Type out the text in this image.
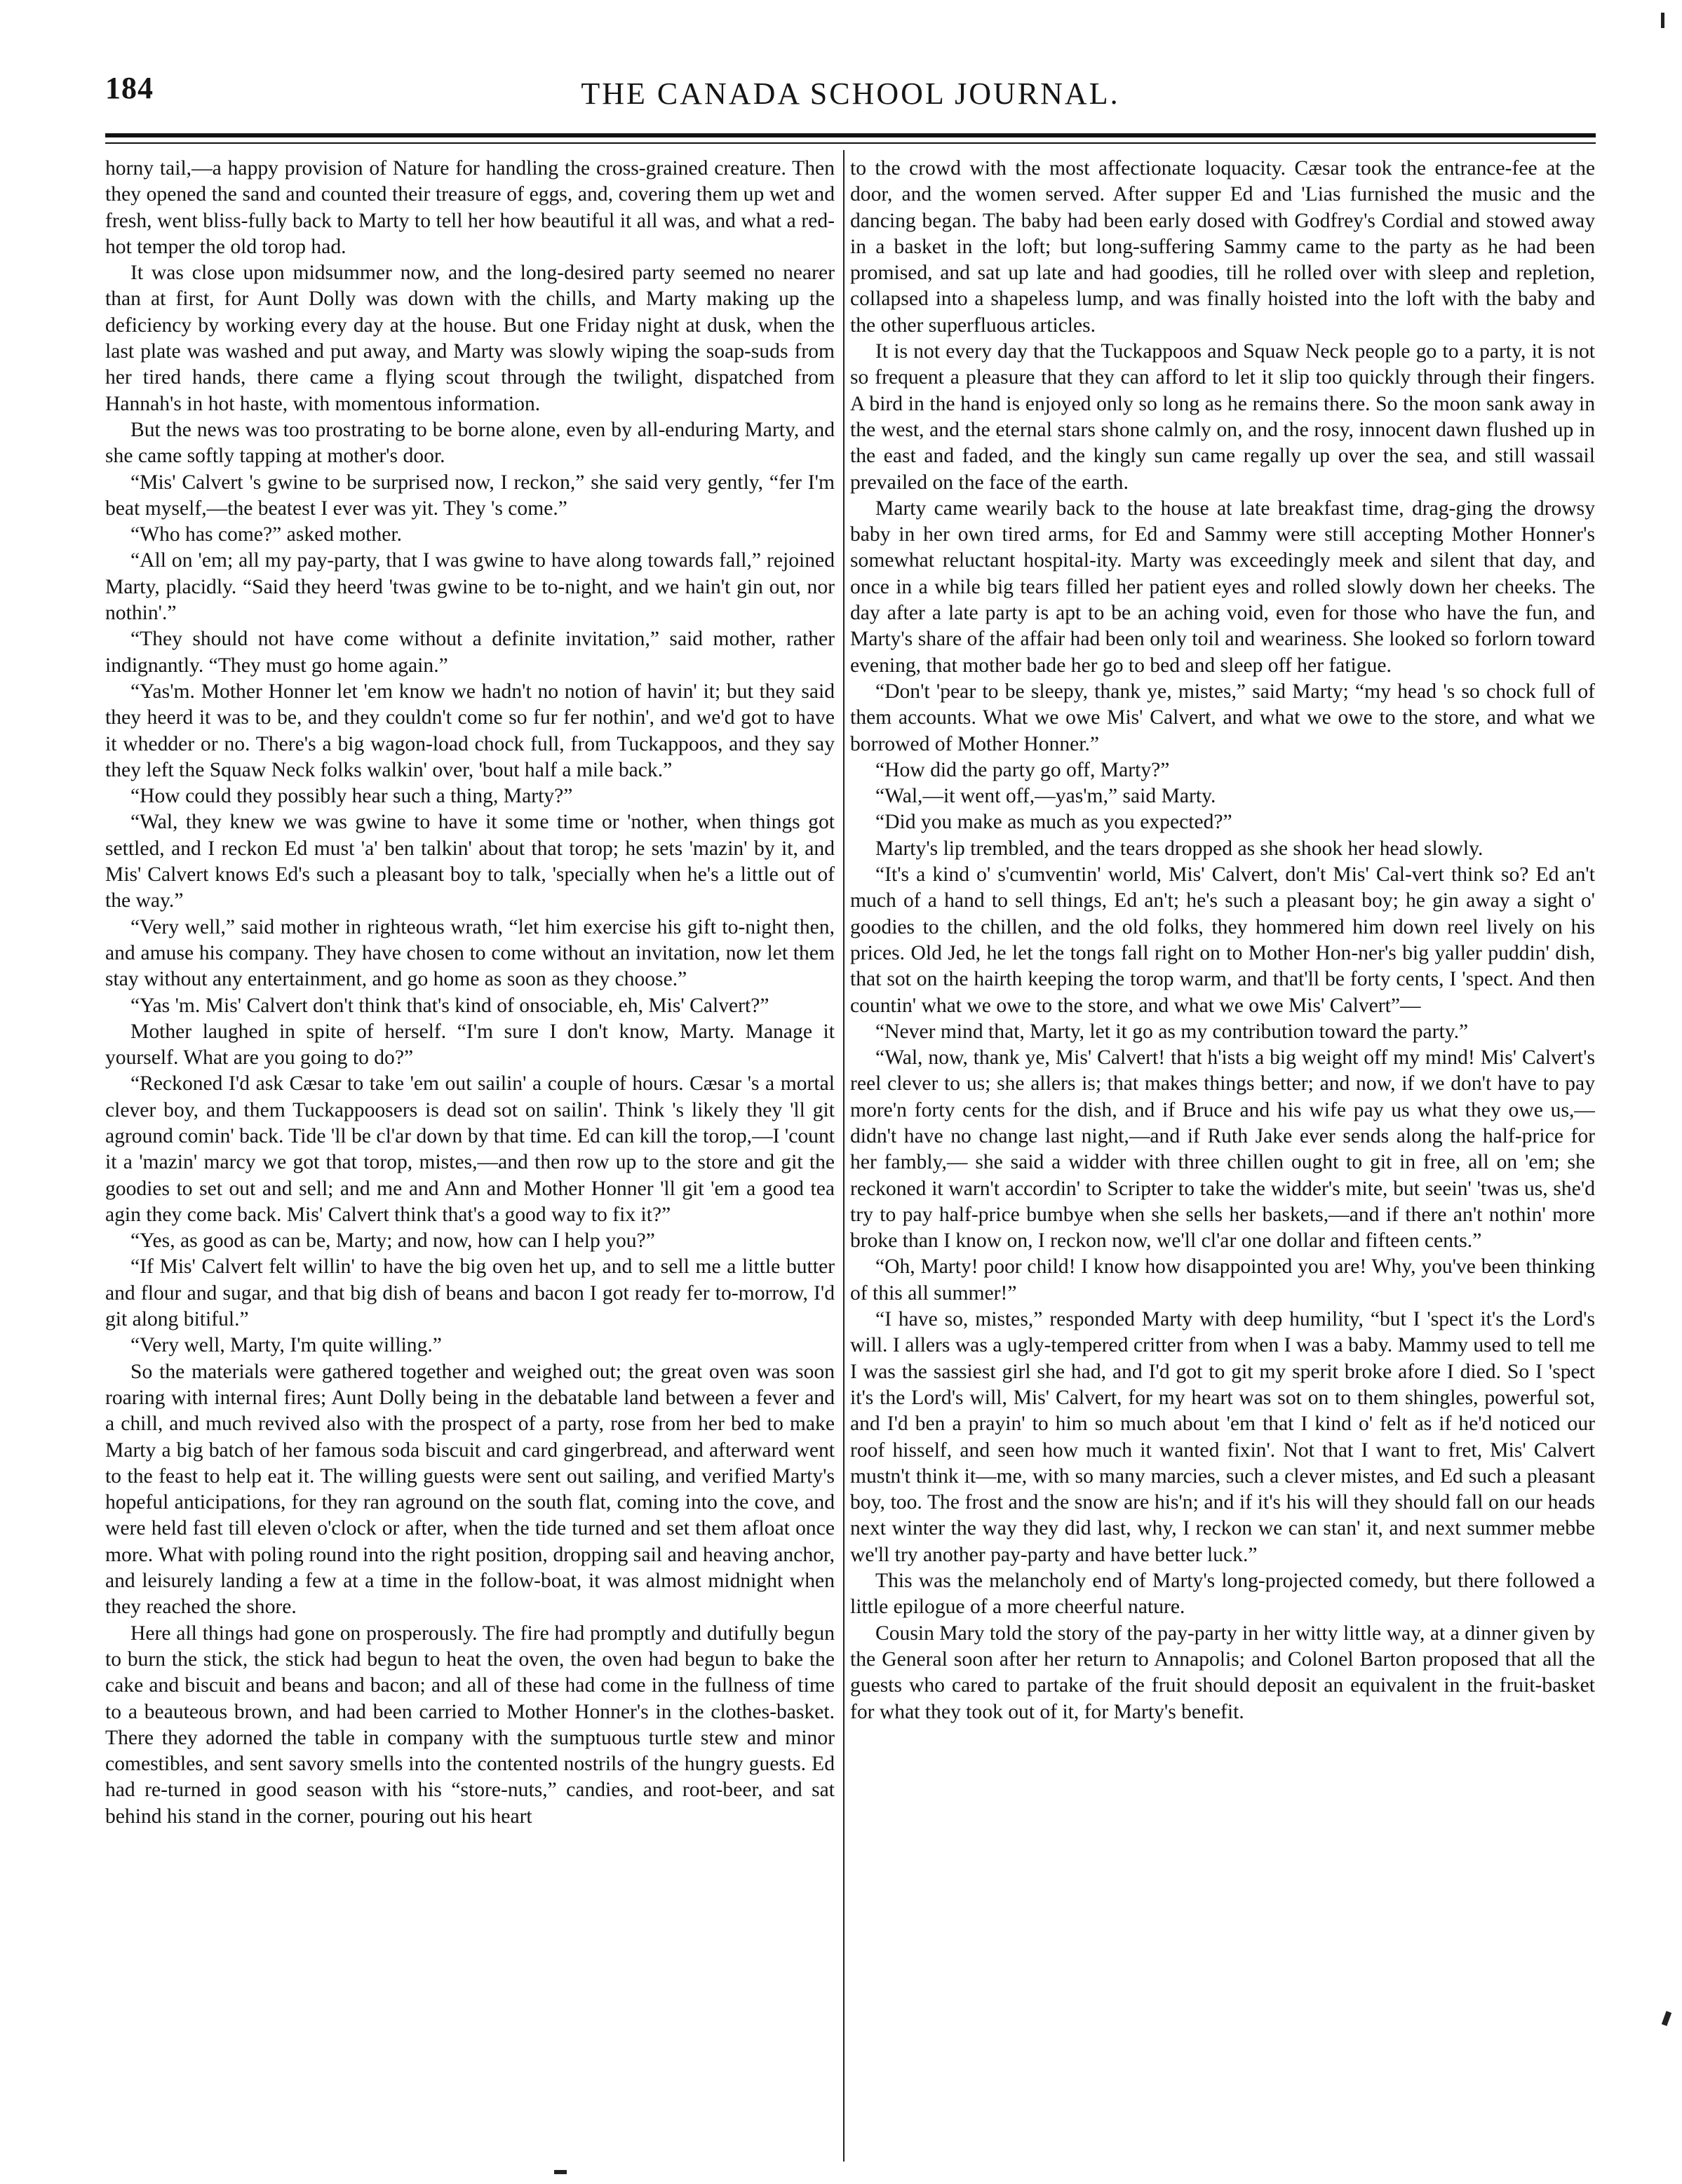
184	THE CANADA SCHOOL JOURNAL.

horny tail,—a happy provision of Nature for handling the cross-grained creature. Then they opened the sand and counted their treasure of eggs, and, covering them up wet and fresh, went bliss-fully back to Marty to tell her how beautiful it all was, and what a red-hot temper the old torop had.

It was close upon midsummer now, and the long-desired party seemed no nearer than at first, for Aunt Dolly was down with the chills, and Marty making up the deficiency by working every day at the house. But one Friday night at dusk, when the last plate was washed and put away, and Marty was slowly wiping the soap-suds from her tired hands, there came a flying scout through the twilight, dispatched from Hannah's in hot haste, with momentous information.

But the news was too prostrating to be borne alone, even by all-enduring Marty, and she came softly tapping at mother's door.

“Mis' Calvert 's gwine to be surprised now, I reckon,” she said very gently, “fer I'm beat myself,—the beatest I ever was yit. They 's come.”

“Who has come?” asked mother.

“All on 'em; all my pay-party, that I was gwine to have along towards fall,” rejoined Marty, placidly. “Said they heerd 'twas gwine to be to-night, and we hain't gin out, nor nothin'.”

“They should not have come without a definite invitation,” said mother, rather indignantly. “They must go home again.”

“Yas'm. Mother Honner let 'em know we hadn't no notion of havin' it; but they said they heerd it was to be, and they couldn't come so fur fer nothin', and we'd got to have it whedder or no. There's a big wagon-load chock full, from Tuckappoos, and they say they left the Squaw Neck folks walkin' over, 'bout half a mile back.”

“How could they possibly hear such a thing, Marty?”

“Wal, they knew we was gwine to have it some time or 'nother, when things got settled, and I reckon Ed must 'a' ben talkin' about that torop; he sets 'mazin' by it, and Mis' Calvert knows Ed's such a pleasant boy to talk, 'specially when he's a little out of the way.”

“Very well,” said mother in righteous wrath, “let him exercise his gift to-night then, and amuse his company. They have chosen to come without an invitation, now let them stay without any entertainment, and go home as soon as they choose.”

“Yas 'm. Mis' Calvert don't think that's kind of onsociable, eh, Mis' Calvert?”

Mother laughed in spite of herself. “I'm sure I don't know, Marty. Manage it yourself. What are you going to do?”

“Reckoned I'd ask Cæsar to take 'em out sailin' a couple of hours. Cæsar 's a mortal clever boy, and them Tuckappoosers is dead sot on sailin'. Think 's likely they 'll git aground comin' back. Tide 'll be cl'ar down by that time. Ed can kill the torop,—I 'count it a 'mazin' marcy we got that torop, mistes,—and then row up to the store and git the goodies to set out and sell; and me and Ann and Mother Honner 'll git 'em a good tea agin they come back. Mis' Calvert think that's a good way to fix it?”

“Yes, as good as can be, Marty; and now, how can I help you?”

“If Mis' Calvert felt willin' to have the big oven het up, and to sell me a little butter and flour and sugar, and that big dish of beans and bacon I got ready fer to-morrow, I'd git along bitiful.”

“Very well, Marty, I'm quite willing.”

So the materials were gathered together and weighed out; the great oven was soon roaring with internal fires; Aunt Dolly being in the debatable land between a fever and a chill, and much revived also with the prospect of a party, rose from her bed to make Marty a big batch of her famous soda biscuit and card gingerbread, and afterward went to the feast to help eat it. The willing guests were sent out sailing, and verified Marty's hopeful anticipations, for they ran aground on the south flat, coming into the cove, and were held fast till eleven o'clock or after, when the tide turned and set them afloat once more. What with poling round into the right position, dropping sail and heaving anchor, and leisurely landing a few at a time in the follow-boat, it was almost midnight when they reached the shore.

Here all things had gone on prosperously. The fire had promptly and dutifully begun to burn the stick, the stick had begun to heat the oven, the oven had begun to bake the cake and biscuit and beans and bacon; and all of these had come in the fullness of time to a beauteous brown, and had been carried to Mother Honner's in the clothes-basket. There they adorned the table in company with the sumptuous turtle stew and minor comestibles, and sent savory smells into the contented nostrils of the hungry guests. Ed had re-turned in good season with his “store-nuts,” candies, and root-beer, and sat behind his stand in the corner, pouring out his heart

to the crowd with the most affectionate loquacity. Cæsar took the entrance-fee at the door, and the women served. After supper Ed and 'Lias furnished the music and the dancing began. The baby had been early dosed with Godfrey's Cordial and stowed away in a basket in the loft; but long-suffering Sammy came to the party as he had been promised, and sat up late and had goodies, till he rolled over with sleep and repletion, collapsed into a shapeless lump, and was finally hoisted into the loft with the baby and the other superfluous articles.

It is not every day that the Tuckappoos and Squaw Neck people go to a party, it is not so frequent a pleasure that they can afford to let it slip too quickly through their fingers. A bird in the hand is enjoyed only so long as he remains there. So the moon sank away in the west, and the eternal stars shone calmly on, and the rosy, innocent dawn flushed up in the east and faded, and the kingly sun came regally up over the sea, and still wassail prevailed on the face of the earth.

Marty came wearily back to the house at late breakfast time, drag-ging the drowsy baby in her own tired arms, for Ed and Sammy were still accepting Mother Honner's somewhat reluctant hospital-ity. Marty was exceedingly meek and silent that day, and once in a while big tears filled her patient eyes and rolled slowly down her cheeks. The day after a late party is apt to be an aching void, even for those who have the fun, and Marty's share of the affair had been only toil and weariness. She looked so forlorn toward evening, that mother bade her go to bed and sleep off her fatigue.

“Don't 'pear to be sleepy, thank ye, mistes,” said Marty; “my head 's so chock full of them accounts. What we owe Mis' Calvert, and what we owe to the store, and what we borrowed of Mother Honner.”

“How did the party go off, Marty?”

“Wal,—it went off,—yas'm,” said Marty.

“Did you make as much as you expected?”

Marty's lip trembled, and the tears dropped as she shook her head slowly.

“It's a kind o' s'cumventin' world, Mis' Calvert, don't Mis' Cal-vert think so? Ed an't much of a hand to sell things, Ed an't; he's such a pleasant boy; he gin away a sight o' goodies to the chillen, and the old folks, they hommered him down reel lively on his prices. Old Jed, he let the tongs fall right on to Mother Hon-ner's big yaller puddin' dish, that sot on the hairth keeping the torop warm, and that'll be forty cents, I 'spect. And then countin' what we owe to the store, and what we owe Mis' Calvert”—

“Never mind that, Marty, let it go as my contribution toward the party.”

“Wal, now, thank ye, Mis' Calvert! that h'ists a big weight off my mind! Mis' Calvert's reel clever to us; she allers is; that makes things better; and now, if we don't have to pay more'n forty cents for the dish, and if Bruce and his wife pay us what they owe us,—didn't have no change last night,—and if Ruth Jake ever sends along the half-price for her fambly,— she said a widder with three chillen ought to git in free, all on 'em; she reckoned it warn't accordin' to Scripter to take the widder's mite, but seein' 'twas us, she'd try to pay half-price bumbye when she sells her baskets,—and if there an't nothin' more broke than I know on, I reckon now, we'll cl'ar one dollar and fifteen cents.”

“Oh, Marty! poor child! I know how disappointed you are! Why, you've been thinking of this all summer!”

“I have so, mistes,” responded Marty with deep humility, “but I 'spect it's the Lord's will. I allers was a ugly-tempered critter from when I was a baby. Mammy used to tell me I was the sassiest girl she had, and I'd got to git my sperit broke afore I died. So I 'spect it's the Lord's will, Mis' Calvert, for my heart was sot on to them shingles, powerful sot, and I'd ben a prayin' to him so much about 'em that I kind o' felt as if he'd noticed our roof hisself, and seen how much it wanted fixin'. Not that I want to fret, Mis' Calvert mustn't think it—me, with so many marcies, such a clever mistes, and Ed such a pleasant boy, too. The frost and the snow are his'n; and if it's his will they should fall on our heads next winter the way they did last, why, I reckon we can stan' it, and next summer mebbe we'll try another pay-party and have better luck.”

This was the melancholy end of Marty's long-projected comedy, but there followed a little epilogue of a more cheerful nature.

Cousin Mary told the story of the pay-party in her witty little way, at a dinner given by the General soon after her return to Annapolis; and Colonel Barton proposed that all the guests who cared to partake of the fruit should deposit an equivalent in the fruit-basket for what they took out of it, for Marty's benefit.
